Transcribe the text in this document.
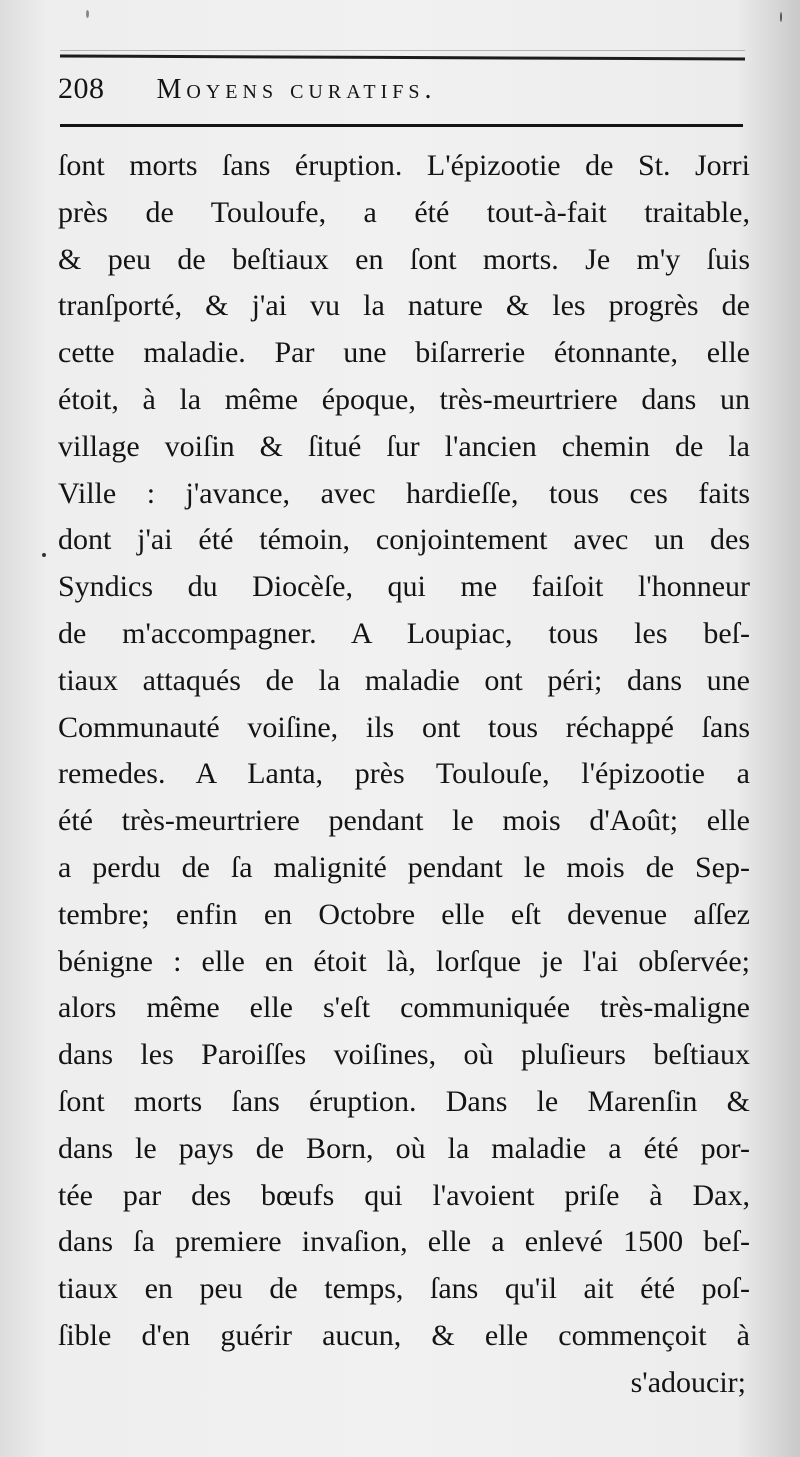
208 Moyens curatifs.
ſont morts ſans éruption. L'épizootie de St. Jorri
près de Touloufe, a été tout-à-fait traitable,
& peu de beſtiaux en ſont morts. Je m'y ſuis
tranſporté, & j'ai vu la nature & les progrès de
cette maladie. Par une biſarrerie étonnante, elle
étoit, à la même époque, très-meurtriere dans un
village voiſin & ſitué ſur l'ancien chemin de la
Ville : j'avance, avec hardieſſe, tous ces faits
dont j'ai été témoin, conjointement avec un des
Syndics du Diocèſe, qui me faiſoit l'honneur
de m'accompagner. A Loupiac, tous les beſ-
tiaux attaqués de la maladie ont péri; dans une
Communauté voiſine, ils ont tous réchappé ſans
remedes. A Lanta, près Toulouſe, l'épizootie a
été très-meurtriere pendant le mois d'Août; elle
a perdu de ſa malignité pendant le mois de Sep-
tembre; enfin en Octobre elle eſt devenue aſſez
bénigne : elle en étoit là, lorſque je l'ai obſervée;
alors même elle s'eſt communiquée très-maligne
dans les Paroiſſes voiſines, où pluſieurs beſtiaux
ſont morts ſans éruption. Dans le Marenſin &
dans le pays de Born, où la maladie a été por-
tée par des bœufs qui l'avoient priſe à Dax,
dans ſa premiere invaſion, elle a enlevé 1500 beſ-
tiaux en peu de temps, ſans qu'il ait été poſ-
ſible d'en guérir aucun, & elle commençoit à
s'adoucir;
